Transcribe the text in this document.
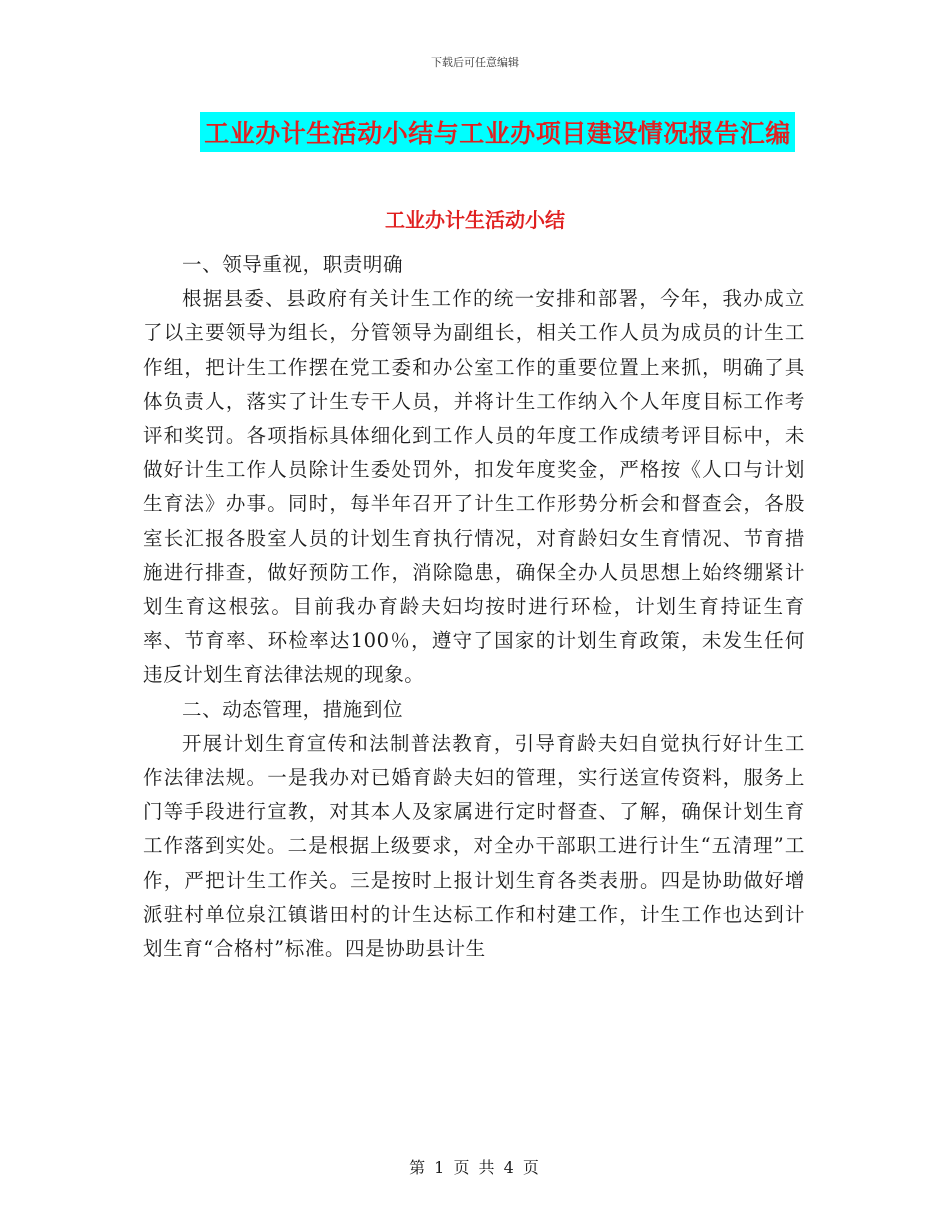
下载后可任意编辑
工业办计生活动小结与工业办项目建设情况报告汇编
工业办计生活动小结

一、领导重视，职责明确

根据县委、县政府有关计生工作的统一安排和部署，今年，我办成立了以主要领导为组长，分管领导为副组长，相关工作人员为成员的计生工作组，把计生工作摆在党工委和办公室工作的重要位置上来抓，明确了具体负责人，落实了计生专干人员，并将计生工作纳入个人年度目标工作考评和奖罚。各项指标具体细化到工作人员的年度工作成绩考评目标中，未做好计生工作人员除计生委处罚外，扣发年度奖金，严格按《人口与计划生育法》办事。同时，每半年召开了计生工作形势分析会和督查会，各股室长汇报各股室人员的计划生育执行情况，对育龄妇女生育情况、节育措施进行排查，做好预防工作，消除隐患，确保全办人员思想上始终绷紧计划生育这根弦。目前我办育龄夫妇均按时进行环检，计划生育持证生育率、节育率、环检率达100％，遵守了国家的计划生育政策，未发生任何违反计划生育法律法规的现象。

二、动态管理，措施到位

开展计划生育宣传和法制普法教育，引导育龄夫妇自觉执行好计生工作法律法规。一是我办对已婚育龄夫妇的管理，实行送宣传资料，服务上门等手段进行宣教，对其本人及家属进行定时督查、了解，确保计划生育工作落到实处。二是根据上级要求，对全办干部职工进行计生“五清理”工作，严把计生工作关。三是按时上报计划生育各类表册。四是协助做好增派驻村单位泉江镇谐田村的计生达标工作和村建工作，计生工作也达到计划生育“合格村”标准。四是协助县计生

第 1 页 共 4 页
